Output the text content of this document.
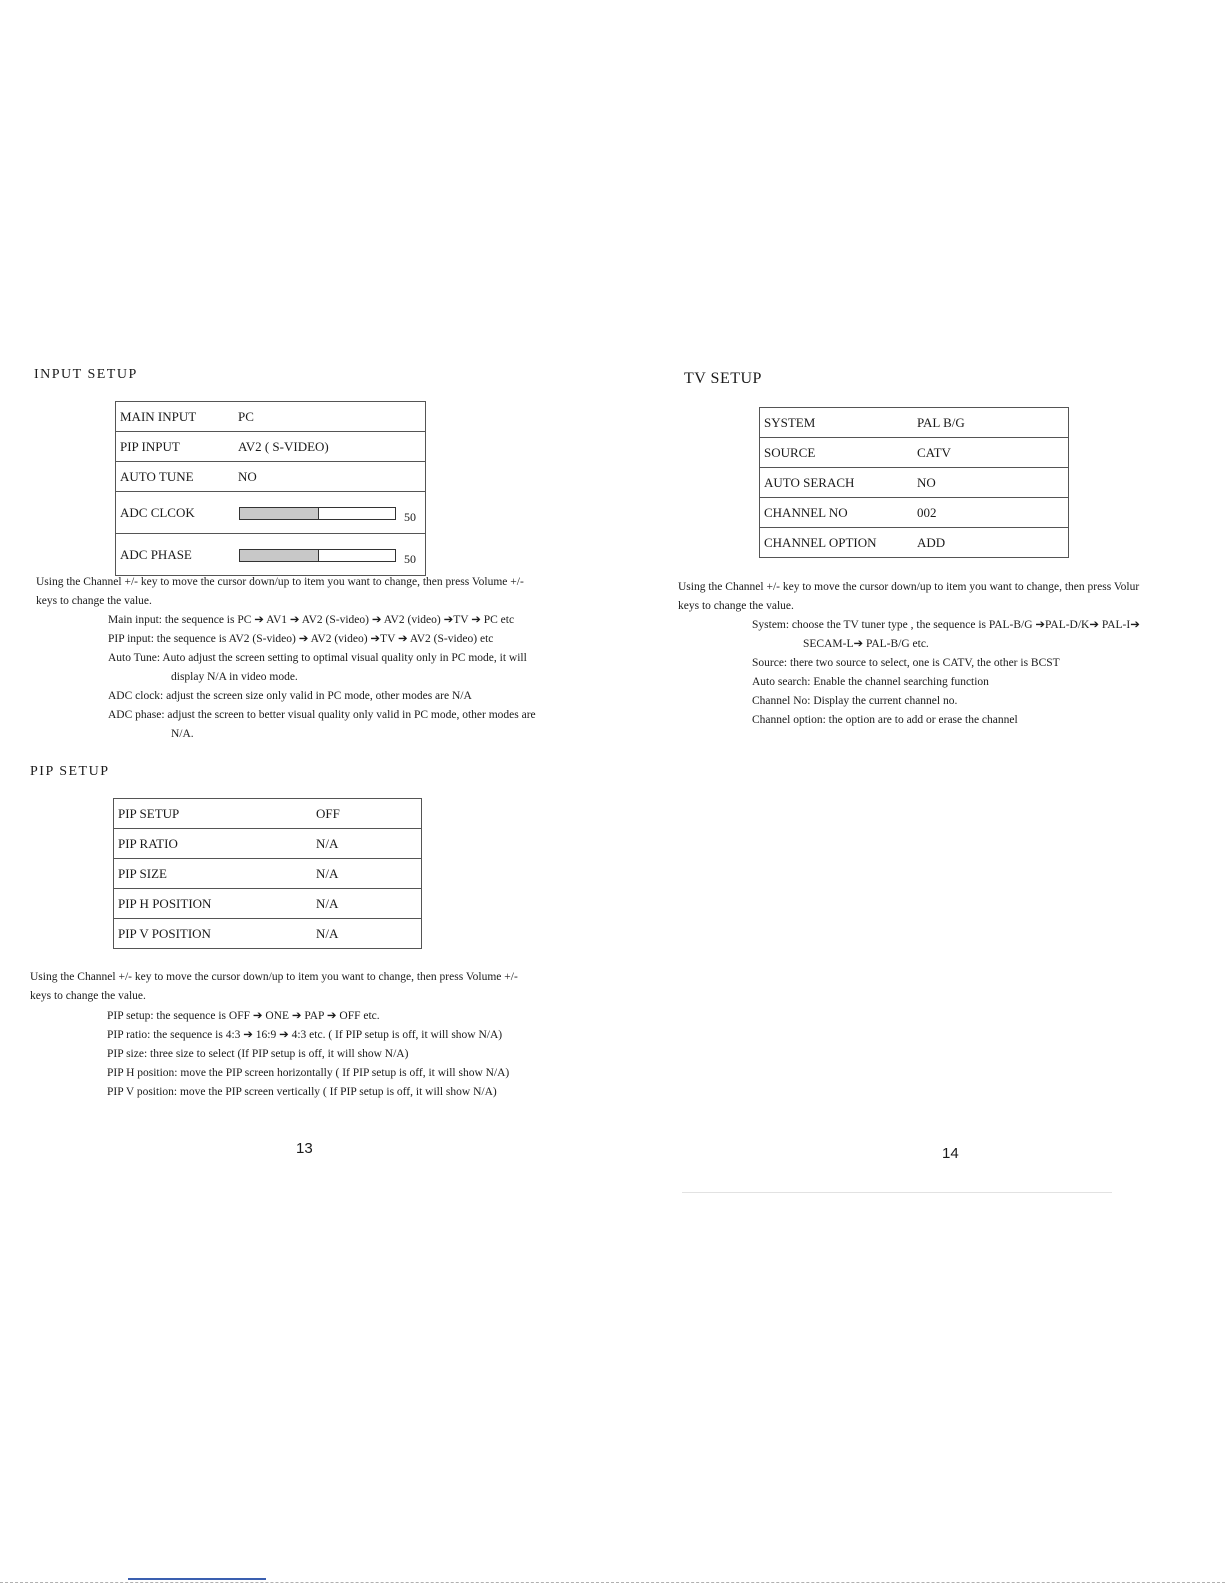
INPUT SETUP
MAIN INPUT	PC
PIP INPUT	AV2 ( S-VIDEO)
AUTO TUNE	NO
ADC CLCOK	50
ADC PHASE	50

Using the Channel +/- key to move the cursor down/up to item you want to change, then press Volume +/-
keys to change the value.

Main input: the sequence is PC ➔ AV1 ➔ AV2 (S-video) ➔ AV2 (video) ➔TV ➔ PC etc
PIP input: the sequence is AV2 (S-video) ➔ AV2 (video) ➔TV ➔ AV2 (S-video) etc
Auto Tune: Auto adjust the screen setting to optimal visual quality only in PC mode, it will
display N/A in video mode.
ADC clock: adjust the screen size only valid in PC mode, other modes are N/A
ADC phase: adjust the screen to better visual quality only valid in PC mode, other modes are
N/A.
PIP SETUP
PIP SETUP	OFF
PIP RATIO	N/A
PIP SIZE	N/A
PIP H POSITION	N/A
PIP V POSITION	N/A

Using the Channel +/- key to move the cursor down/up to item you want to change, then press Volume +/-
keys to change the value.

PIP setup: the sequence is OFF ➔ ONE ➔ PAP ➔ OFF etc.
PIP ratio: the sequence is 4:3 ➔ 16:9 ➔ 4:3 etc. ( If PIP setup is off, it will show N/A)
PIP size: three size to select (If PIP setup is off, it will show N/A)
PIP H position: move the PIP screen horizontally ( If PIP setup is off, it will show N/A)
PIP V position: move the PIP screen vertically ( If PIP setup is off, it will show N/A)
13
TV SETUP
SYSTEM	PAL B/G
SOURCE	CATV
AUTO SERACH	NO
CHANNEL NO	002
CHANNEL OPTION	ADD

Using the Channel +/- key to move the cursor down/up to item you want to change, then press Volur
keys to change the value.

System: choose the TV tuner type , the sequence is PAL-B/G ➔PAL-D/K➔ PAL-I➔
SECAM-L➔ PAL-B/G etc.
Source: there two source to select, one is CATV, the other is BCST
Auto search: Enable the channel searching function
Channel No: Display the current channel no.
Channel option: the option are to add or erase the channel
14
